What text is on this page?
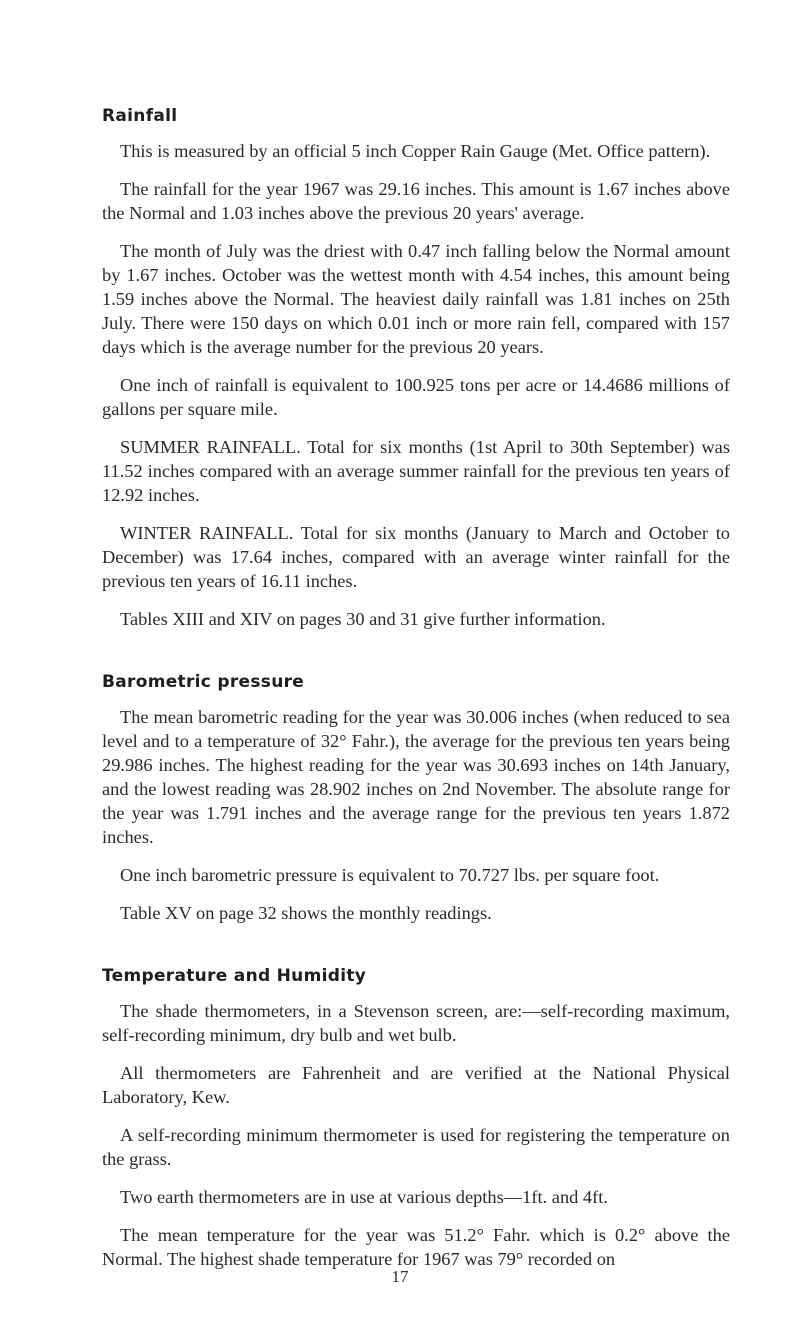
Rainfall

This is measured by an official 5 inch Copper Rain Gauge (Met. Office pattern).

The rainfall for the year 1967 was 29.16 inches. This amount is 1.67 inches above the Normal and 1.03 inches above the previous 20 years' average.

The month of July was the driest with 0.47 inch falling below the Normal amount by 1.67 inches. October was the wettest month with 4.54 inches, this amount being 1.59 inches above the Normal. The heaviest daily rainfall was 1.81 inches on 25th July. There were 150 days on which 0.01 inch or more rain fell, compared with 157 days which is the average number for the previous 20 years.

One inch of rainfall is equivalent to 100.925 tons per acre or 14.4686 millions of gallons per square mile.

SUMMER RAINFALL. Total for six months (1st April to 30th September) was 11.52 inches compared with an average summer rainfall for the previous ten years of 12.92 inches.

WINTER RAINFALL. Total for six months (January to March and October to December) was 17.64 inches, compared with an average winter rainfall for the previous ten years of 16.11 inches.

Tables XIII and XIV on pages 30 and 31 give further information.

Barometric pressure

The mean barometric reading for the year was 30.006 inches (when reduced to sea level and to a temperature of 32° Fahr.), the average for the previous ten years being 29.986 inches. The highest reading for the year was 30.693 inches on 14th January, and the lowest reading was 28.902 inches on 2nd November. The absolute range for the year was 1.791 inches and the average range for the previous ten years 1.872 inches.

One inch barometric pressure is equivalent to 70.727 lbs. per square foot.

Table XV on page 32 shows the monthly readings.

Temperature and Humidity

The shade thermometers, in a Stevenson screen, are:—self-recording maximum, self-recording minimum, dry bulb and wet bulb.

All thermometers are Fahrenheit and are verified at the National Physical Laboratory, Kew.

A self-recording minimum thermometer is used for registering the temperature on the grass.

Two earth thermometers are in use at various depths—1ft. and 4ft.

The mean temperature for the year was 51.2° Fahr. which is 0.2° above the Normal. The highest shade temperature for 1967 was 79° recorded on

17
